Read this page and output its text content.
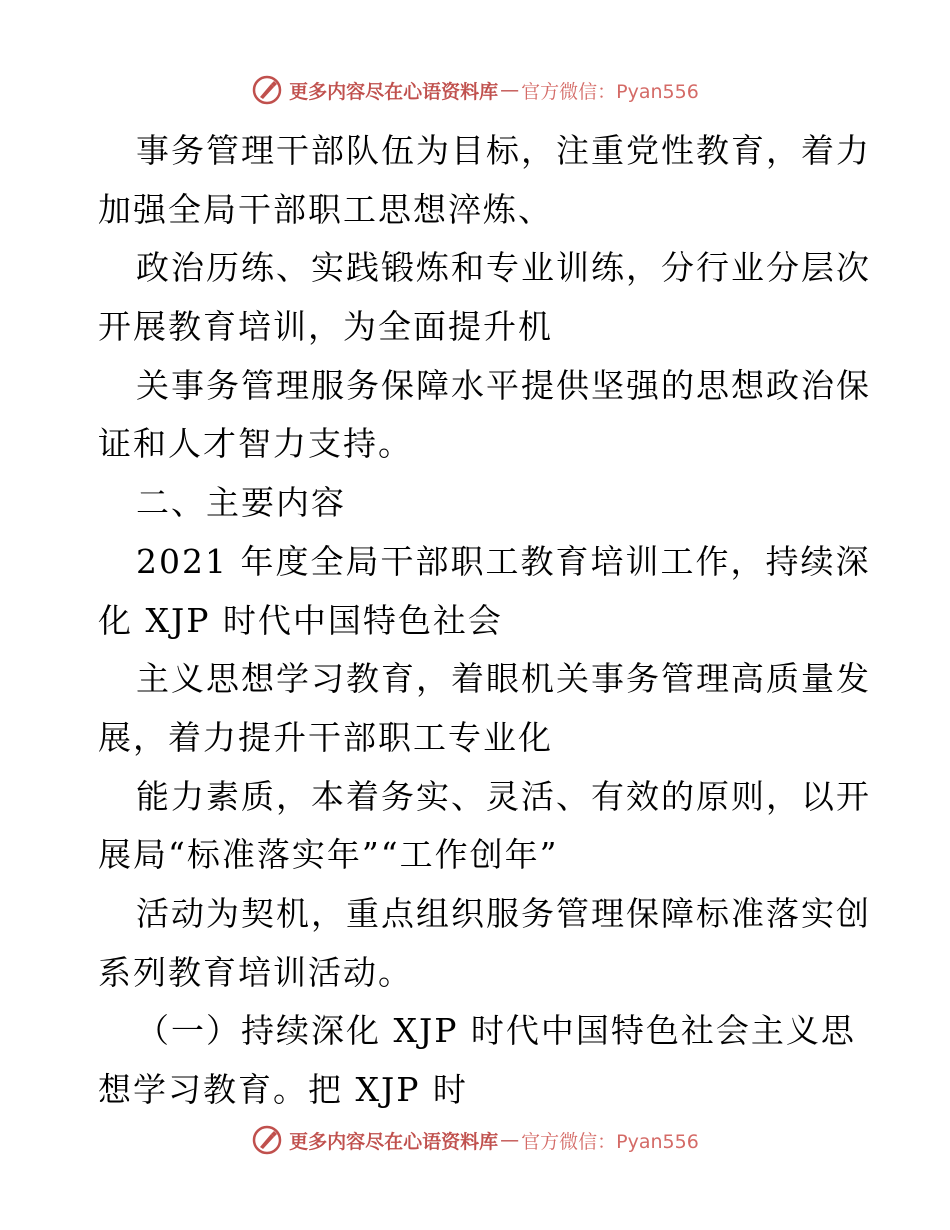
更多内容尽在心语资料库 — 官方微信：Pyan556
事务管理干部队伍为目标，注重党性教育，着力
加强全局干部职工思想淬炼、
政治历练、实践锻炼和专业训练，分行业分层次
开展教育培训，为全面提升机
关事务管理服务保障水平提供坚强的思想政治保
证和人才智力支持。
二、主要内容
2021 年度全局干部职工教育培训工作，持续深
化 XJP 时代中国特色社会
主义思想学习教育，着眼机关事务管理高质量发
展，着力提升干部职工专业化
能力素质，本着务实、灵活、有效的原则，以开
展局“标准落实年”“工作创年”
活动为契机，重点组织服务管理保障标准落实创
系列教育培训活动。
（一）持续深化 XJP 时代中国特色社会主义思
想学习教育。把 XJP 时
更多内容尽在心语资料库 — 官方微信：Pyan556
